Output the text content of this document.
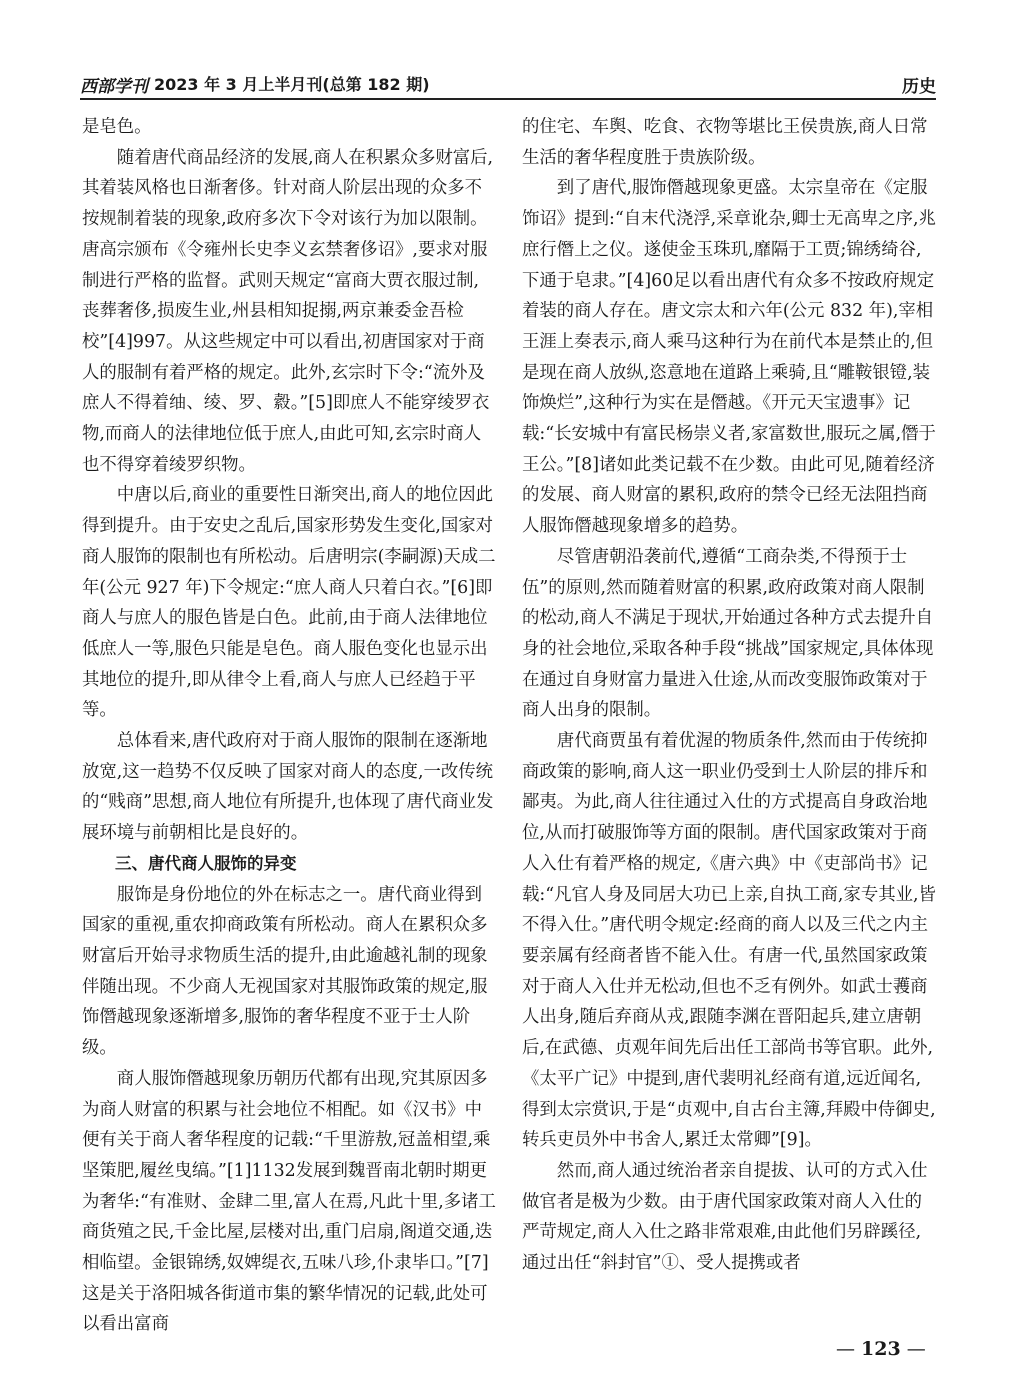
西部学刊 2023 年 3 月上半月刊(总第 182 期)	历史

是皂色。

随着唐代商品经济的发展,商人在积累众多财富后,其着装风格也日渐奢侈。针对商人阶层出现的众多不按规制着装的现象,政府多次下令对该行为加以限制。唐高宗颁布《令雍州长史李义玄禁奢侈诏》,要求对服制进行严格的监督。武则天规定“富商大贾衣服过制,丧葬奢侈,损废生业,州县相知捉搦,两京兼委金吾检校”[4]997。从这些规定中可以看出,初唐国家对于商人的服制有着严格的规定。此外,玄宗时下令:“流外及庶人不得着䌷、绫、罗、縠。”[5]即庶人不能穿绫罗衣物,而商人的法律地位低于庶人,由此可知,玄宗时商人也不得穿着绫罗织物。

中唐以后,商业的重要性日渐突出,商人的地位因此得到提升。由于安史之乱后,国家形势发生变化,国家对商人服饰的限制也有所松动。后唐明宗(李嗣源)天成二年(公元 927 年)下令规定:“庶人商人只着白衣。”[6]即商人与庶人的服色皆是白色。此前,由于商人法律地位低庶人一等,服色只能是皂色。商人服色变化也显示出其地位的提升,即从律令上看,商人与庶人已经趋于平等。

总体看来,唐代政府对于商人服饰的限制在逐渐地放宽,这一趋势不仅反映了国家对商人的态度,一改传统的“贱商”思想,商人地位有所提升,也体现了唐代商业发展环境与前朝相比是良好的。

三、唐代商人服饰的异变

服饰是身份地位的外在标志之一。唐代商业得到国家的重视,重农抑商政策有所松动。商人在累积众多财富后开始寻求物质生活的提升,由此逾越礼制的现象伴随出现。不少商人无视国家对其服饰政策的规定,服饰僭越现象逐渐增多,服饰的奢华程度不亚于士人阶级。

商人服饰僭越现象历朝历代都有出现,究其原因多为商人财富的积累与社会地位不相配。如《汉书》中便有关于商人奢华程度的记载:“千里游敖,冠盖相望,乘坚策肥,履丝曳缟。”[1]1132发展到魏晋南北朝时期更为奢华:“有准财、金肆二里,富人在焉,凡此十里,多诸工商货殖之民,千金比屋,层楼对出,重门启扇,阁道交通,迭相临望。金银锦绣,奴婢缇衣,五味八珍,仆隶毕口。”[7]这是关于洛阳城各街道市集的繁华情况的记载,此处可以看出富商

的住宅、车舆、吃食、衣物等堪比王侯贵族,商人日常生活的奢华程度胜于贵族阶级。

到了唐代,服饰僭越现象更盛。太宗皇帝在《定服饰诏》提到:“自末代浇浮,采章讹杂,卿士无高卑之序,兆庶行僭上之仪。遂使金玉珠玑,靡隔于工贾;锦绣绮谷,下通于皂隶。”[4]60足以看出唐代有众多不按政府规定着装的商人存在。唐文宗太和六年(公元 832 年),宰相王涯上奏表示,商人乘马这种行为在前代本是禁止的,但是现在商人放纵,恣意地在道路上乘骑,且“雕鞍银镫,装饰焕烂”,这种行为实在是僭越。《开元天宝遗事》记载:“长安城中有富民杨崇义者,家富数世,服玩之属,僭于王公。”[8]诸如此类记载不在少数。由此可见,随着经济的发展、商人财富的累积,政府的禁令已经无法阻挡商人服饰僭越现象增多的趋势。

尽管唐朝沿袭前代,遵循“工商杂类,不得预于士伍”的原则,然而随着财富的积累,政府政策对商人限制的松动,商人不满足于现状,开始通过各种方式去提升自身的社会地位,采取各种手段“挑战”国家规定,具体体现在通过自身财富力量进入仕途,从而改变服饰政策对于商人出身的限制。

唐代商贾虽有着优渥的物质条件,然而由于传统抑商政策的影响,商人这一职业仍受到士人阶层的排斥和鄙夷。为此,商人往往通过入仕的方式提高自身政治地位,从而打破服饰等方面的限制。唐代国家政策对于商人入仕有着严格的规定,《唐六典》中《吏部尚书》记载:“凡官人身及同居大功已上亲,自执工商,家专其业,皆不得入仕。”唐代明令规定:经商的商人以及三代之内主要亲属有经商者皆不能入仕。有唐一代,虽然国家政策对于商人入仕并无松动,但也不乏有例外。如武士彟商人出身,随后弃商从戎,跟随李渊在晋阳起兵,建立唐朝后,在武德、贞观年间先后出任工部尚书等官职。此外,《太平广记》中提到,唐代裴明礼经商有道,远近闻名,得到太宗赏识,于是“贞观中,自古台主簿,拜殿中侍御史,转兵吏员外中书舍人,累迁太常卿”[9]。

然而,商人通过统治者亲自提拔、认可的方式入仕做官者是极为少数。由于唐代国家政策对商人入仕的严苛规定,商人入仕之路非常艰难,由此他们另辟蹊径,通过出任“斜封官”①、受人提携或者

— 123 —
